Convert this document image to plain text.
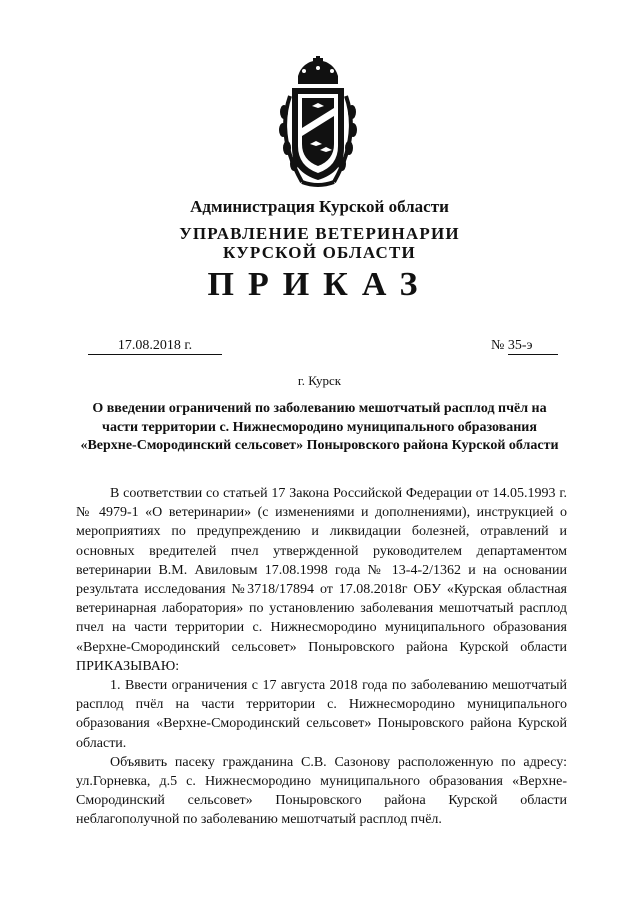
Администрация Курской области
УПРАВЛЕНИЕ ВЕТЕРИНАРИИ
КУРСКОЙ ОБЛАСТИ
ПРИКАЗ
17.08.2018 г.	№ 35-э
г. Курск
О введении ограничений по заболеванию мешотчатый расплод пчёл на части территории с. Нижнесмородино муниципального образования «Верхне-Смородинский сельсовет» Поныровского района Курской области

В соответствии со статьей 17 Закона Российской Федерации от 14.05.1993 г. № 4979-1 «О ветеринарии» (с изменениями и дополнениями), инструкцией о мероприятиях по предупреждению и ликвидации болезней, отравлений и основных вредителей пчел утвержденной руководителем департаментом ветеринарии В.М. Авиловым 17.08.1998 года № 13-4-2/1362 и на основании результата исследования №3718/17894 от 17.08.2018г ОБУ «Курская областная ветеринарная лаборатория» по установлению заболевания мешотчатый расплод пчел на части территории с. Нижнесмородино муниципального образования «Верхне-Смородинский сельсовет» Поныровского района Курской области ПРИКАЗЫВАЮ:

1. Ввести ограничения с 17 августа 2018 года по заболеванию мешотчатый расплод пчёл на части территории с. Нижнесмородино муниципального образования «Верхне-Смородинский сельсовет» Поныровского района Курской области.

Объявить пасеку гражданина С.В. Сазонову расположенную по адресу: ул.Горневка, д.5 с. Нижнесмородино муниципального образования «Верхне-Смородинский сельсовет» Поныровского района Курской области неблагополучной по заболеванию мешотчатый расплод пчёл.
